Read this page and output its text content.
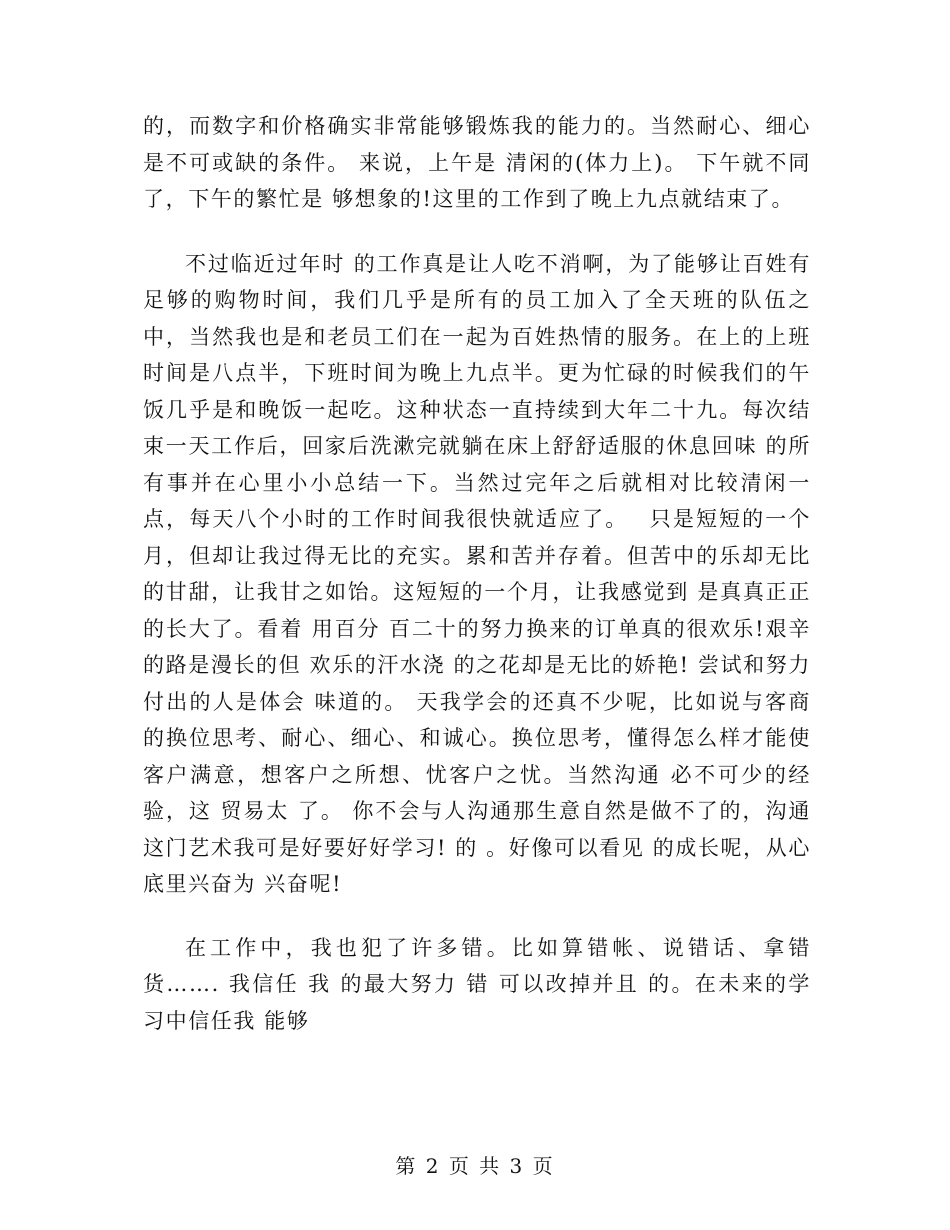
的，而数字和价格确实非常能够锻炼我的能力的。当然耐心、细心是不可或缺的条件。 来说，上午是 清闲的(体力上)。 下午就不同了，下午的繁忙是 够想象的!这里的工作到了晚上九点就结束了。

不过临近过年时 的工作真是让人吃不消啊，为了能够让百姓有足够的购物时间，我们几乎是所有的员工加入了全天班的队伍之中，当然我也是和老员工们在一起为百姓热情的服务。在上的上班时间是八点半，下班时间为晚上九点半。更为忙碌的时候我们的午饭几乎是和晚饭一起吃。这种状态一直持续到大年二十九。每次结束一天工作后，回家后洗漱完就躺在床上舒舒适服的休息回味 的所有事并在心里小小总结一下。当然过完年之后就相对比较清闲一点，每天八个小时的工作时间我很快就适应了。　 只是短短的一个月，但却让我过得无比的充实。累和苦并存着。但苦中的乐却无比的甘甜，让我甘之如饴。这短短的一个月，让我感觉到 是真真正正的长大了。看着 用百分 百二十的努力换来的订单真的很欢乐!艰辛的路是漫长的但 欢乐的汗水浇 的之花却是无比的娇艳! 尝试和努力付出的人是体会 味道的。 天我学会的还真不少呢，比如说与客商的换位思考、耐心、细心、和诚心。换位思考，懂得怎么样才能使客户满意，想客户之所想、忧客户之忧。当然沟通 必不可少的经验，这 贸易太 了。 你不会与人沟通那生意自然是做不了的，沟通这门艺术我可是好要好好学习! 的 。好像可以看见 的成长呢，从心底里兴奋为 兴奋呢!

在工作中，我也犯了许多错。比如算错帐、说错话、拿错货……. 我信任 我 的最大努力 错 可以改掉并且 的。在未来的学习中信任我 能够

第 2 页 共 3 页
